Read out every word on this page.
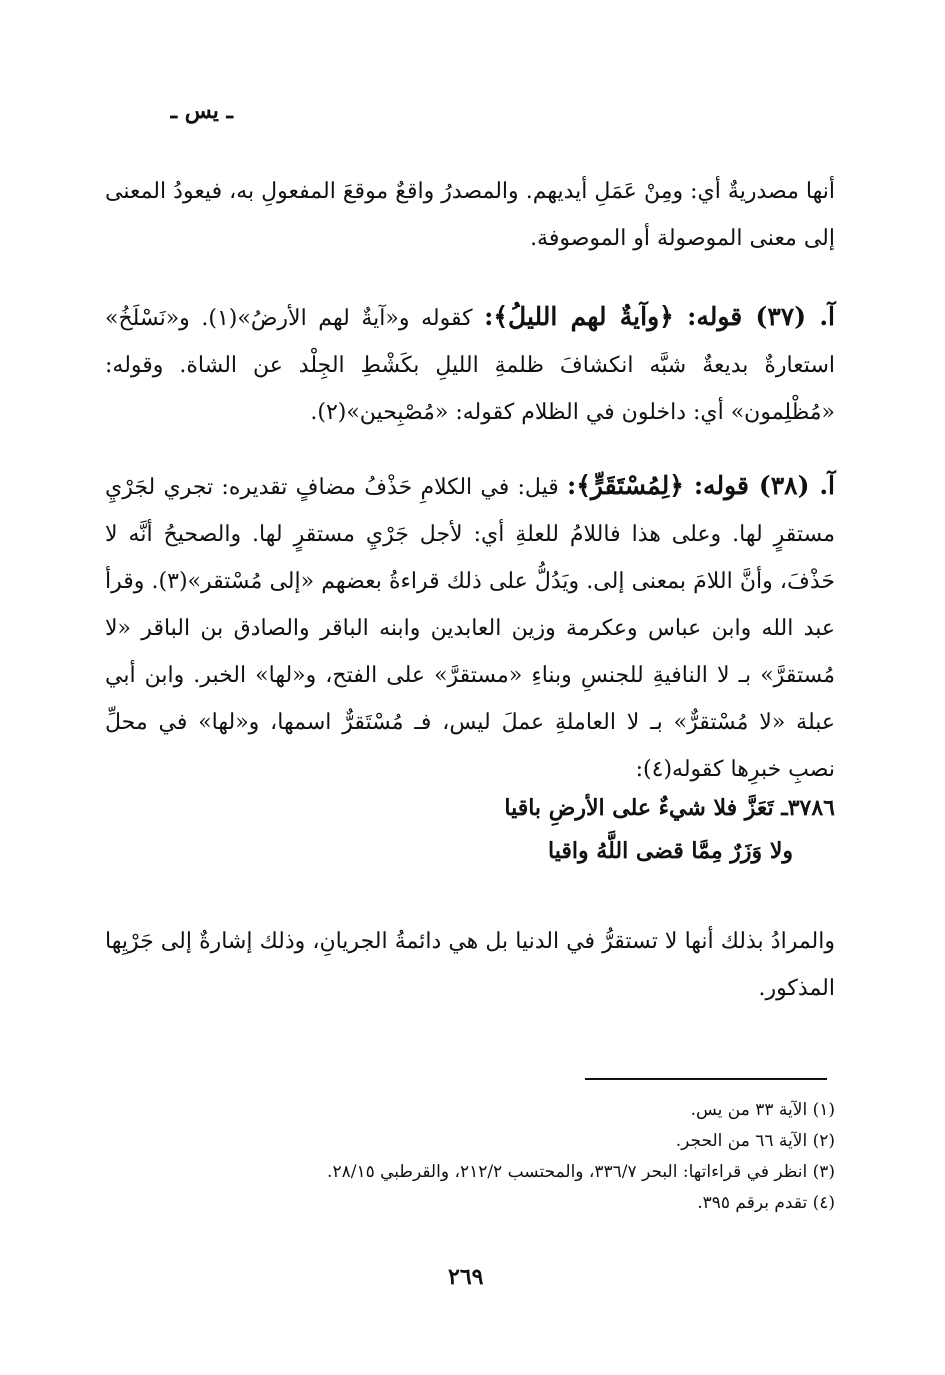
ـ يس ـ

أنها مصدريةٌ أي: ومِنْ عَمَلِ أيديهم. والمصدرُ واقعٌ موقعَ المفعولِ به، فيعودُ المعنى إلى معنى الموصولة أو الموصوفة.

آ. (٣٧) قوله: ﴿وآيةٌ لهم الليلُ﴾: كقوله و«آيةٌ لهم الأرضُ»(١). و«نَسْلَخُ» استعارةٌ بديعةٌ شبَّه انكشافَ ظلمةِ الليلِ بكَشْطِ الجِلْد عن الشاة. وقوله: «مُظْلِمون» أي: داخلون في الظلام كقوله: «مُصْبِحين»(٢).

آ. (٣٨) قوله: ﴿لِمُسْتَقَرٍّ﴾: قيل: في الكلامِ حَذْفُ مضافٍ تقديره: تجري لجَرْيِ مستقرٍ لها. وعلى هذا فاللامُ للعلةِ أي: لأجل جَرْيِ مستقرٍ لها. والصحيحُ أنَّه لا حَذْفَ، وأنَّ اللامَ بمعنى إلى. ويَدُلُّ على ذلك قراءةُ بعضهم «إلى مُسْتقر»(٣). وقرأ عبد الله وابن عباس وعكرمة وزين العابدين وابنه الباقر والصادق بن الباقر «لا مُستقرَّ» بـ لا النافيةِ للجنسِ وبناءِ «مستقرَّ» على الفتح، و«لها» الخبر. وابن أبي عبلة «لا مُسْتقرٌّ» بـ لا العاملةِ عملَ ليس، فـ مُسْتَقرٌّ اسمها، و«لها» في محلِّ نصبِ خبرِها كقوله(٤):

٣٧٨٦ـ تَعَزَّ فلا شيءٌ على الأرضِ باقيا
ولا وَزَرٌ مِمَّا قضى اللَّهُ واقيا

والمرادُ بذلك أنها لا تستقرُّ في الدنيا بل هي دائمةُ الجريانِ، وذلك إشارةٌ إلى جَرْيِها المذكور.

(١) الآية ٣٣ من يس.
(٢) الآية ٦٦ من الحجر.
(٣) انظر في قراءاتها: البحر ٣٣٦/٧، والمحتسب ٢١٢/٢، والقرطبي ٢٨/١٥.
(٤) تقدم برقم ٣٩٥.
٢٦٩
